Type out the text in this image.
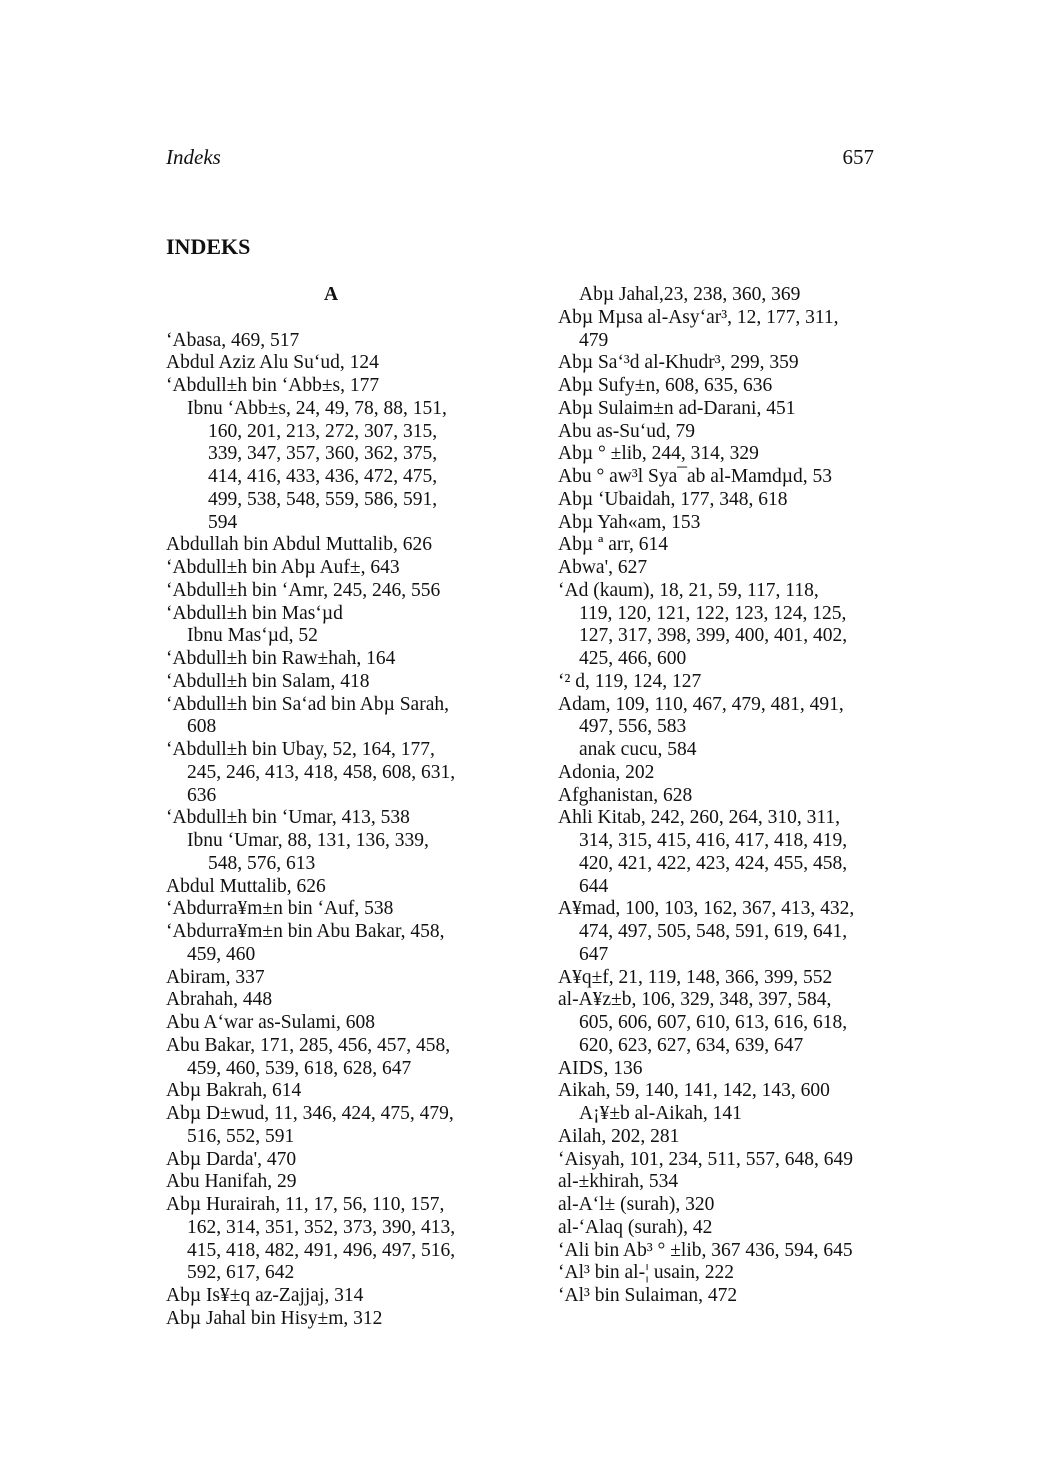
Indeks	657
INDEKS
A
‘Abasa, 469, 517
Abdul Aziz Alu Su‘ud, 124
‘Abdull±h bin ‘Abb±s, 177
Ibnu ‘Abb±s, 24, 49, 78, 88, 151,
160, 201, 213, 272, 307, 315,
339, 347, 357, 360, 362, 375,
414, 416, 433, 436, 472, 475,
499, 538, 548, 559, 586, 591,
594
Abdullah bin Abdul Muttalib, 626
‘Abdull±h bin Abµ Auf±, 643
‘Abdull±h bin ‘Amr, 245, 246, 556
‘Abdull±h bin Mas‘µd
Ibnu Mas‘µd, 52
‘Abdull±h bin Raw±hah, 164
‘Abdull±h bin Salam, 418
‘Abdull±h bin Sa‘ad bin Abµ Sarah,
608
‘Abdull±h bin Ubay, 52, 164, 177,
245, 246, 413, 418, 458, 608, 631,
636
‘Abdull±h bin ‘Umar, 413, 538
Ibnu ‘Umar, 88, 131, 136, 339,
548, 576, 613
Abdul Muttalib, 626
‘Abdurra¥m±n bin ‘Auf, 538
‘Abdurra¥m±n bin Abu Bakar, 458,
459, 460
Abiram, 337
Abrahah, 448
Abu A‘war as-Sulami, 608
Abu Bakar, 171, 285, 456, 457, 458,
459, 460, 539, 618, 628, 647
Abµ Bakrah, 614
Abµ D±wud, 11, 346, 424, 475, 479,
516, 552, 591
Abµ Darda', 470
Abu Hanifah, 29
Abµ Hurairah, 11, 17, 56, 110, 157,
162, 314, 351, 352, 373, 390, 413,
415, 418, 482, 491, 496, 497, 516,
592, 617, 642
Abµ Is¥±q az-Zajjaj, 314
Abµ Jahal bin Hisy±m, 312
Abµ Jahal,23, 238, 360, 369
Abµ Mµsa al-Asy‘ar³, 12, 177, 311,
479
Abµ Sa‘³d al-Khudr³, 299, 359
Abµ Sufy±n, 608, 635, 636
Abµ Sulaim±n ad-Darani, 451
Abu as-Su‘ud, 79
Abµ ° ±lib, 244, 314, 329
Abu ° aw³l Sya¯ab al-Mamdµd, 53
Abµ ‘Ubaidah, 177, 348, 618
Abµ Yah«am, 153
Abµ ª arr, 614
Abwa', 627
‘Ad (kaum), 18, 21, 59, 117, 118,
119, 120, 121, 122, 123, 124, 125,
127, 317, 398, 399, 400, 401, 402,
425, 466, 600
‘² d, 119, 124, 127
Adam, 109, 110, 467, 479, 481, 491,
497, 556, 583
anak cucu, 584
Adonia, 202
Afghanistan, 628
Ahli Kitab, 242, 260, 264, 310, 311,
314, 315, 415, 416, 417, 418, 419,
420, 421, 422, 423, 424, 455, 458,
644
A¥mad, 100, 103, 162, 367, 413, 432,
474, 497, 505, 548, 591, 619, 641,
647
A¥q±f, 21, 119, 148, 366, 399, 552
al-A¥z±b, 106, 329, 348, 397, 584,
605, 606, 607, 610, 613, 616, 618,
620, 623, 627, 634, 639, 647
AIDS, 136
Aikah, 59, 140, 141, 142, 143, 600
A¡¥±b al-Aikah, 141
Ailah, 202, 281
‘Aisyah, 101, 234, 511, 557, 648, 649
al-±khirah, 534
al-A‘l± (surah), 320
al-‘Alaq (surah), 42
‘Ali bin Ab³ ° ±lib, 367 436, 594, 645
‘Al³ bin al-¦ usain, 222
‘Al³ bin Sulaiman, 472
